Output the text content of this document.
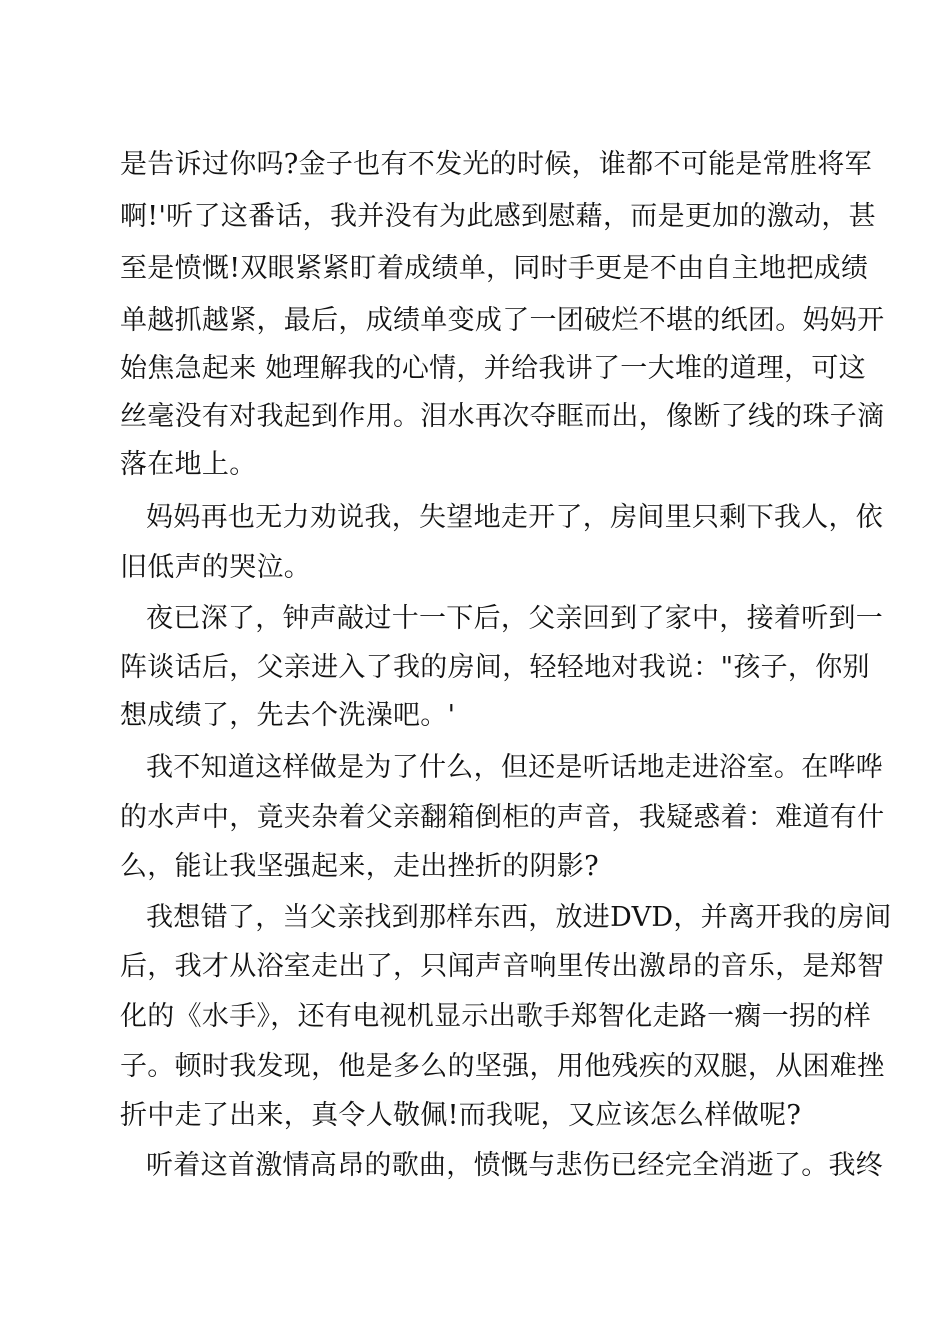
是告诉过你吗?金子也有不发光的时候，谁都不可能是常胜将军
啊!'听了这番话，我并没有为此感到慰藉，而是更加的激动，甚
至是愤慨!双眼紧紧盯着成绩单，同时手更是不由自主地把成绩
单越抓越紧，最后，成绩单变成了一团破烂不堪的纸团。妈妈开
始焦急起来 她理解我的心情，并给我讲了一大堆的道理，可这
丝毫没有对我起到作用。泪水再次夺眶而出，像断了线的珠子滴
落在地上。
妈妈再也无力劝说我，失望地走开了，房间里只剩下我人，依
旧低声的哭泣。
夜已深了，钟声敲过十一下后，父亲回到了家中，接着听到一
阵谈话后，父亲进入了我的房间，轻轻地对我说："孩子，你别
想成绩了，先去个洗澡吧。'
我不知道这样做是为了什么，但还是听话地走进浴室。在哗哗
的水声中，竟夹杂着父亲翻箱倒柜的声音，我疑惑着：难道有什
么，能让我坚强起来，走出挫折的阴影?
我想错了，当父亲找到那样东西，放进DVD，并离开我的房间
后，我才从浴室走出了，只闻声音响里传出激昂的音乐，是郑智
化的《水手》，还有电视机显示出歌手郑智化走路一瘸一拐的样
子。顿时我发现，他是多么的坚强，用他残疾的双腿，从困难挫
折中走了出来，真令人敬佩!而我呢，又应该怎么样做呢?
听着这首激情高昂的歌曲，愤慨与悲伤已经完全消逝了。我终
